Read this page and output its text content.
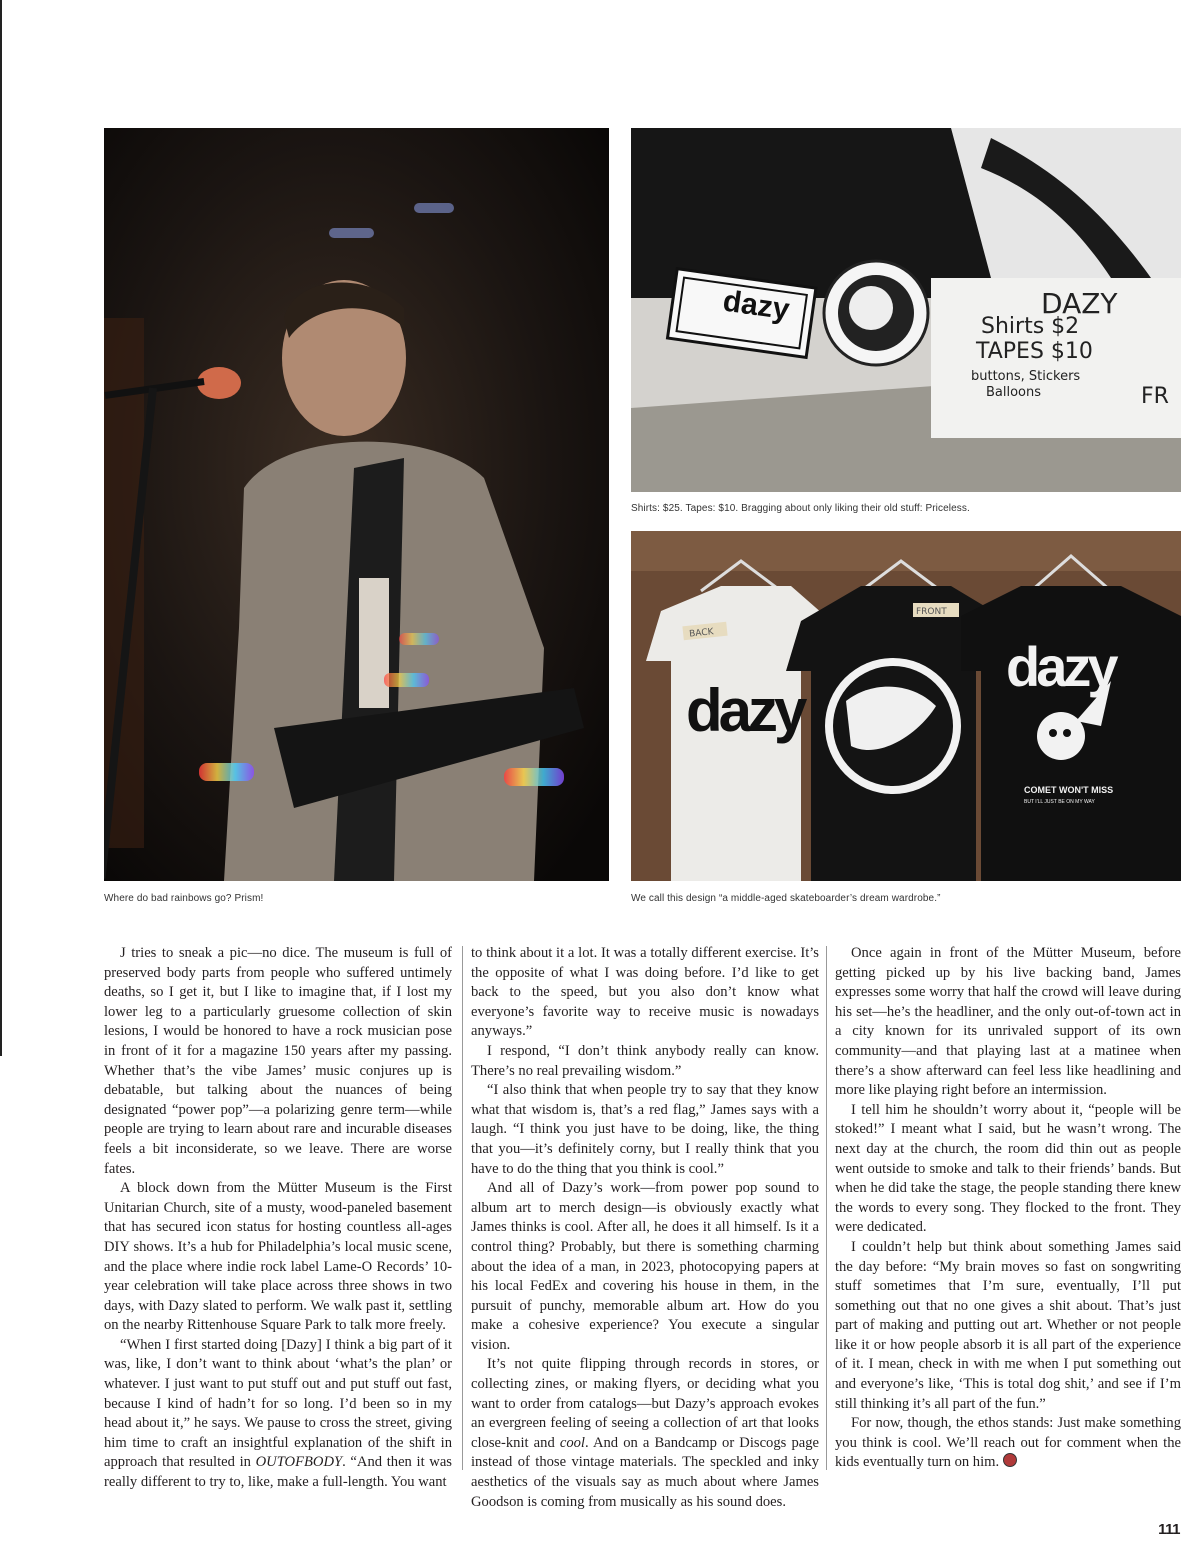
Where do bad rainbows go? Prism!
dazy	DAZY
Shirts $2
TAPES $10
buttons, Stickers
Balloons	FR
Shirts: $25. Tapes: $10. Bragging about only liking their old stuff: Priceless.
BACK
FRONT
dazy
dazy
COMET WON'T MISS
BUT I'LL JUST BE ON MY WAY
We call this design “a middle-aged skateboarder’s dream wardrobe.”

J tries to sneak a pic—no dice. The museum is full of preserved body parts from people who suffered untimely deaths, so I get it, but I like to imagine that, if I lost my lower leg to a particularly gruesome collection of skin lesions, I would be honored to have a rock musician pose in front of it for a magazine 150 years after my passing. Whether that’s the vibe James’ music conjures up is debatable, but talking about the nuances of being designated “power pop”—a polarizing genre term—while people are trying to learn about rare and incurable diseases feels a bit inconsiderate, so we leave. There are worse fates.

A block down from the Mütter Museum is the First Unitarian Church, site of a musty, wood-paneled basement that has secured icon status for hosting countless all-ages DIY shows. It’s a hub for Philadelphia’s local music scene, and the place where indie rock label Lame-O Records’ 10-year celebration will take place across three shows in two days, with Dazy slated to perform. We walk past it, settling on the nearby Rittenhouse Square Park to talk more freely.

“When I first started doing [Dazy] I think a big part of it was, like, I don’t want to think about ‘what’s the plan’ or whatever. I just want to put stuff out and put stuff out fast, because I kind of hadn’t for so long. I’d been so in my head about it,” he says. We pause to cross the street, giving him time to craft an insightful explanation of the shift in approach that resulted in OUTOFBODY. “And then it was really different to try to, like, make a full-length. You want

to think about it a lot. It was a totally different exercise. It’s the opposite of what I was doing before. I’d like to get back to the speed, but you also don’t know what everyone’s favorite way to receive music is nowadays anyways.”

I respond, “I don’t think anybody really can know. There’s no real prevailing wisdom.”

“I also think that when people try to say that they know what that wisdom is, that’s a red flag,” James says with a laugh. “I think you just have to be doing, like, the thing that you—it’s definitely corny, but I really think that you have to do the thing that you think is cool.”

And all of Dazy’s work—from power pop sound to album art to merch design—is obviously exactly what James thinks is cool. After all, he does it all himself. Is it a control thing? Probably, but there is something charming about the idea of a man, in 2023, photocopying papers at his local FedEx and covering his house in them, in the pursuit of punchy, memorable album art. How do you make a cohesive experience? You execute a singular vision.

It’s not quite flipping through records in stores, or collecting zines, or making flyers, or deciding what you want to order from catalogs—but Dazy’s approach evokes an evergreen feeling of seeing a collection of art that looks close-knit and cool. And on a Bandcamp or Discogs page instead of those vintage materials. The speckled and inky aesthetics of the visuals say as much about where James Goodson is coming from musically as his sound does.

Once again in front of the Mütter Museum, before getting picked up by his live backing band, James expresses some worry that half the crowd will leave during his set—he’s the headliner, and the only out-of-town act in a city known for its unrivaled support of its own community—and that playing last at a matinee when there’s a show afterward can feel less like headlining and more like playing right before an intermission.

I tell him he shouldn’t worry about it, “people will be stoked!” I meant what I said, but he wasn’t wrong. The next day at the church, the room did thin out as people went outside to smoke and talk to their friends’ bands. But when he did take the stage, the people standing there knew the words to every song. They flocked to the front. They were dedicated.

I couldn’t help but think about something James said the day before: “My brain moves so fast on songwriting stuff sometimes that I’m sure, eventually, I’ll put something out that no one gives a shit about. That’s just part of making and putting out art. Whether or not people like it or how people absorb it is all part of the experience of it. I mean, check in with me when I put something out and everyone’s like, ‘This is total dog shit,’ and see if I’m still thinking it’s all part of the fun.”

For now, though, the ethos stands: Just make something you think is cool. We’ll reach out for comment when the kids eventually turn on him.

111
